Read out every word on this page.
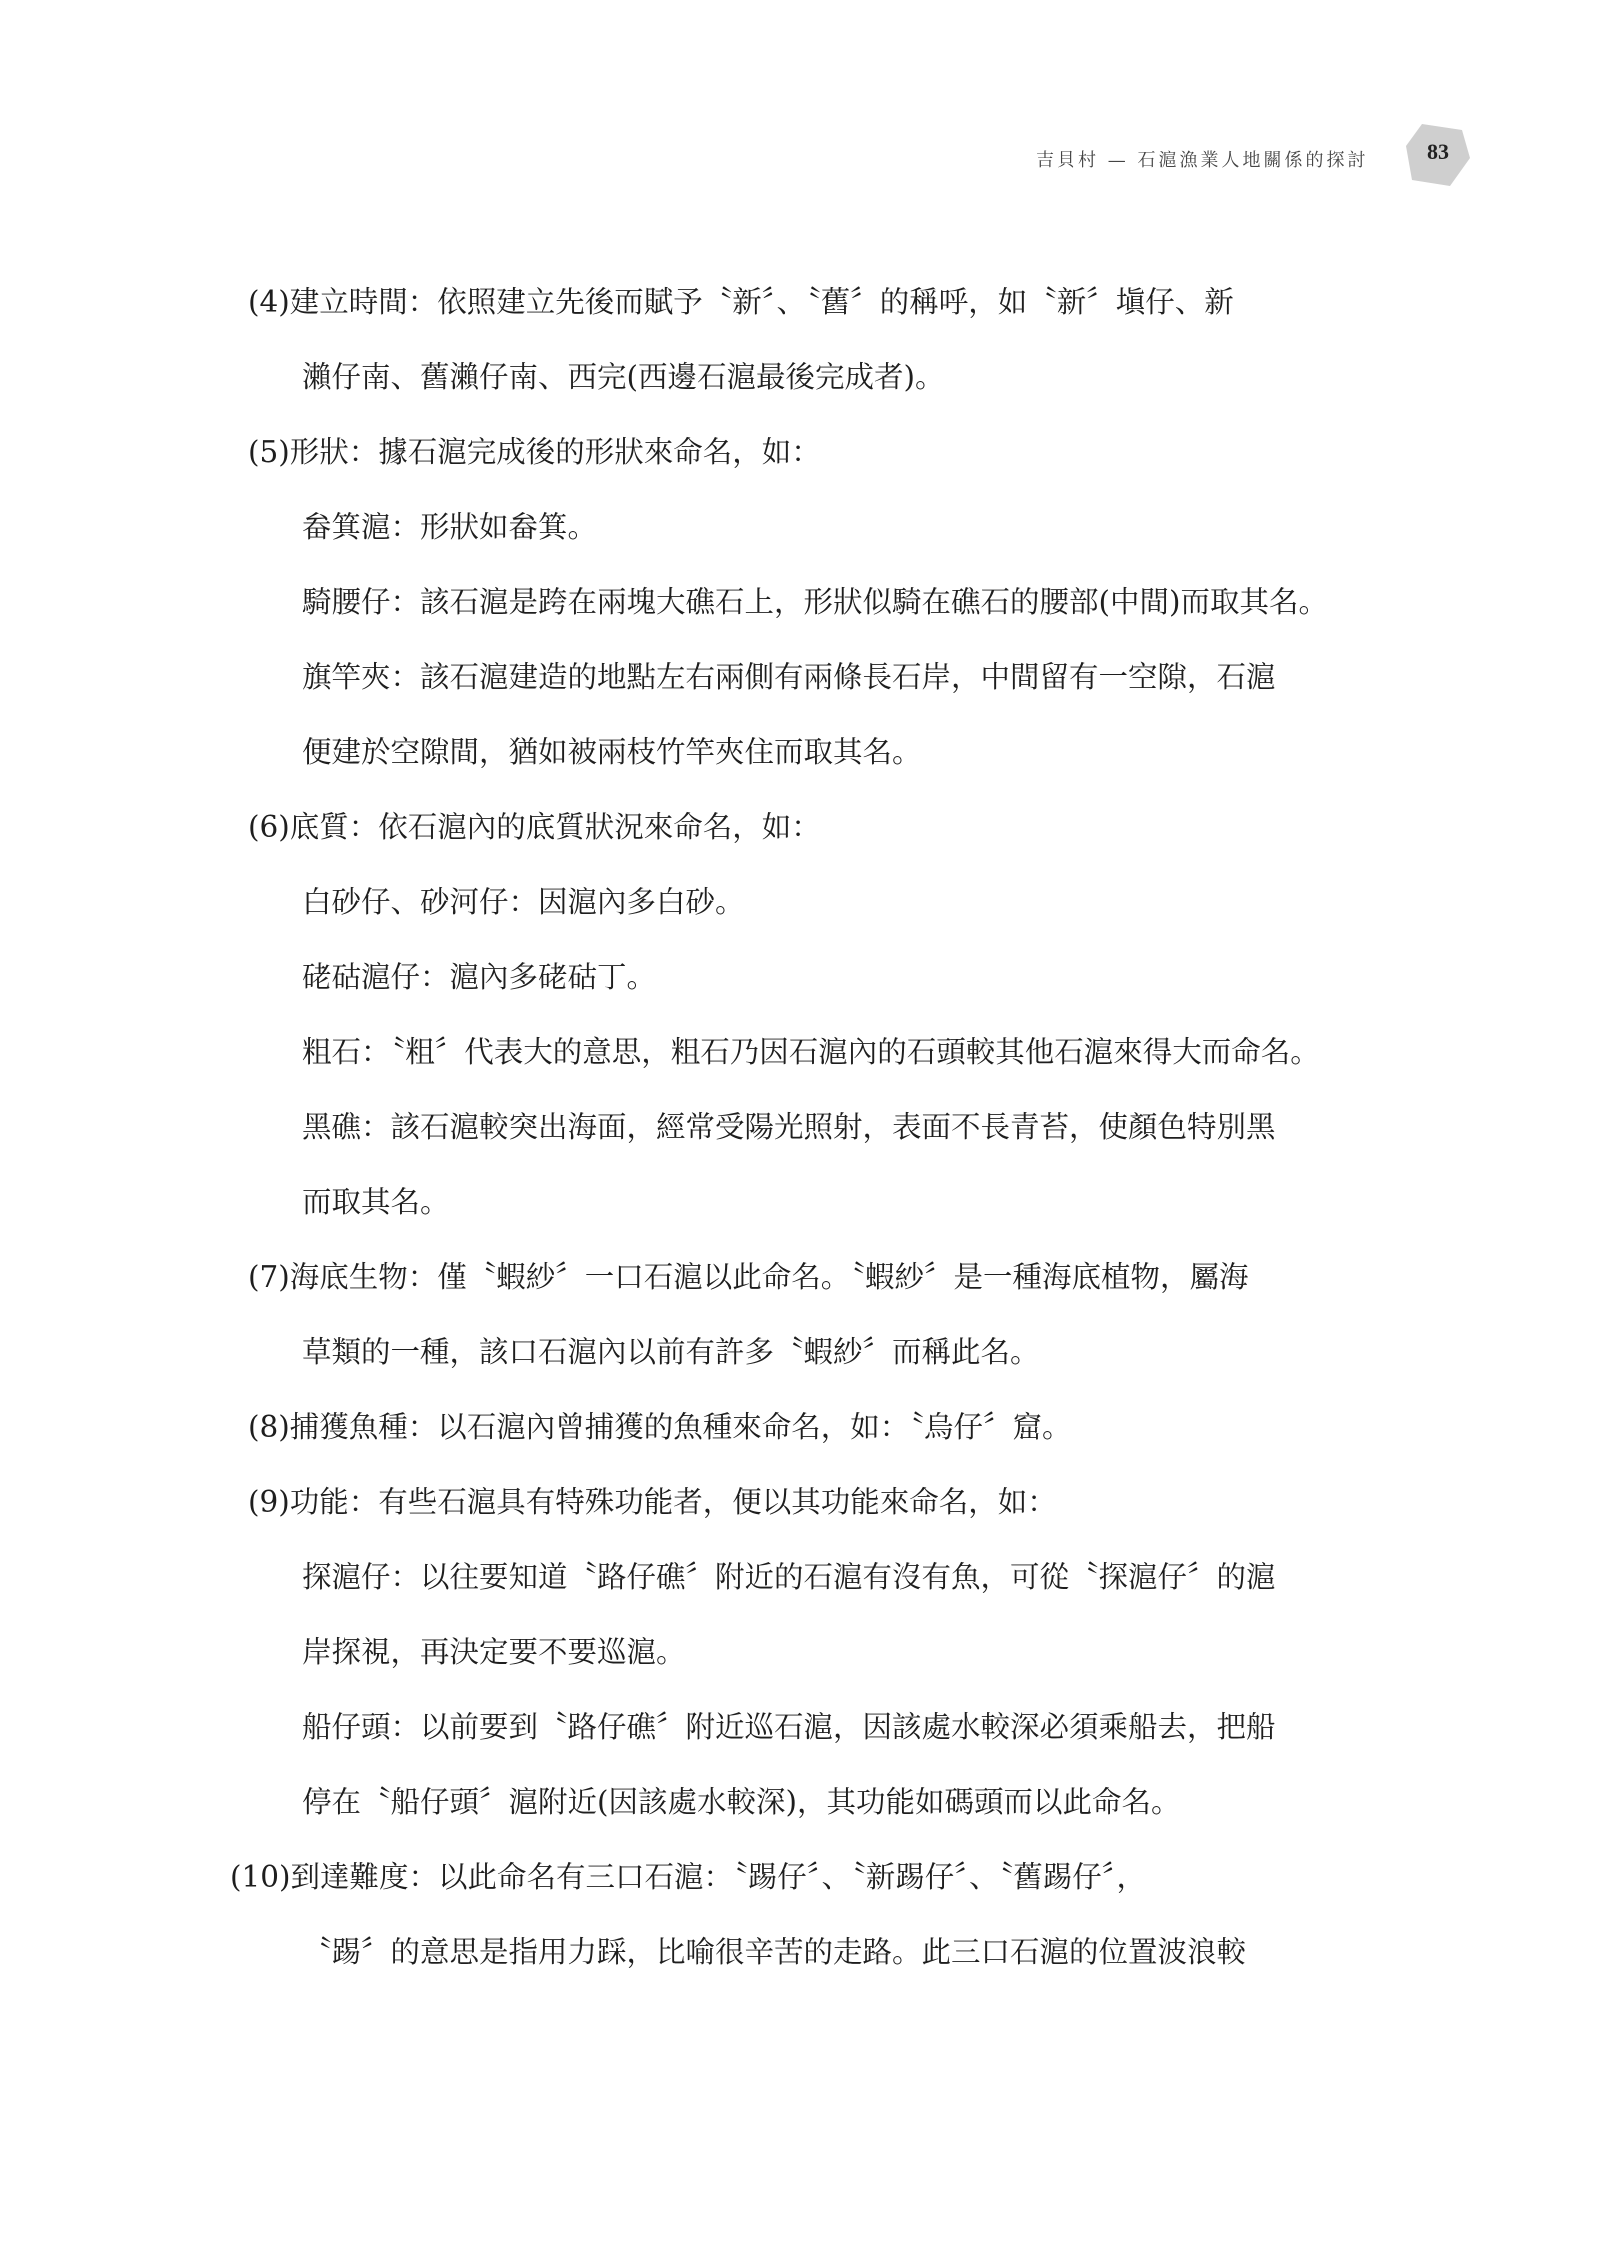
吉貝村 — 石滬漁業人地關係的探討	83
(4)建立時間：依照建立先後而賦予〝新〞、〝舊〞的稱呼，如〝新〞塡仔、新
瀨仔南、舊瀨仔南、西完(西邊石滬最後完成者)。
(5)形狀：據石滬完成後的形狀來命名，如：
畚箕滬：形狀如畚箕。
騎腰仔：該石滬是跨在兩塊大礁石上，形狀似騎在礁石的腰部(中間)而取其名。
旗竿夾：該石滬建造的地點左右兩側有兩條長石岸，中間留有一空隙，石滬
便建於空隙間，猶如被兩枝竹竿夾住而取其名。
(6)底質：依石滬內的底質狀況來命名，如：
白砂仔、砂河仔：因滬內多白砂。
硓𥑮滬仔：滬內多硓𥑮丁。
粗石：〝粗〞代表大的意思，粗石乃因石滬內的石頭較其他石滬來得大而命名。
黑礁：該石滬較突出海面，經常受陽光照射，表面不長青苔，使顏色特別黑
而取其名。
(7)海底生物：僅〝蝦紗〞一口石滬以此命名。〝蝦紗〞是一種海底植物，屬海
草類的一種，該口石滬內以前有許多〝蝦紗〞而稱此名。
(8)捕獲魚種：以石滬內曾捕獲的魚種來命名，如：〝烏仔〞窟。
(9)功能：有些石滬具有特殊功能者，便以其功能來命名，如：
探滬仔：以往要知道〝路仔礁〞附近的石滬有沒有魚，可從〝探滬仔〞的滬
岸探視，再決定要不要巡滬。
船仔頭：以前要到〝路仔礁〞附近巡石滬，因該處水較深必須乘船去，把船
停在〝船仔頭〞滬附近(因該處水較深)，其功能如碼頭而以此命名。
(10)到達難度：以此命名有三口石滬：〝踢仔〞、〝新踢仔〞、〝舊踢仔〞，
〝踢〞的意思是指用力踩，比喻很辛苦的走路。此三口石滬的位置波浪較
